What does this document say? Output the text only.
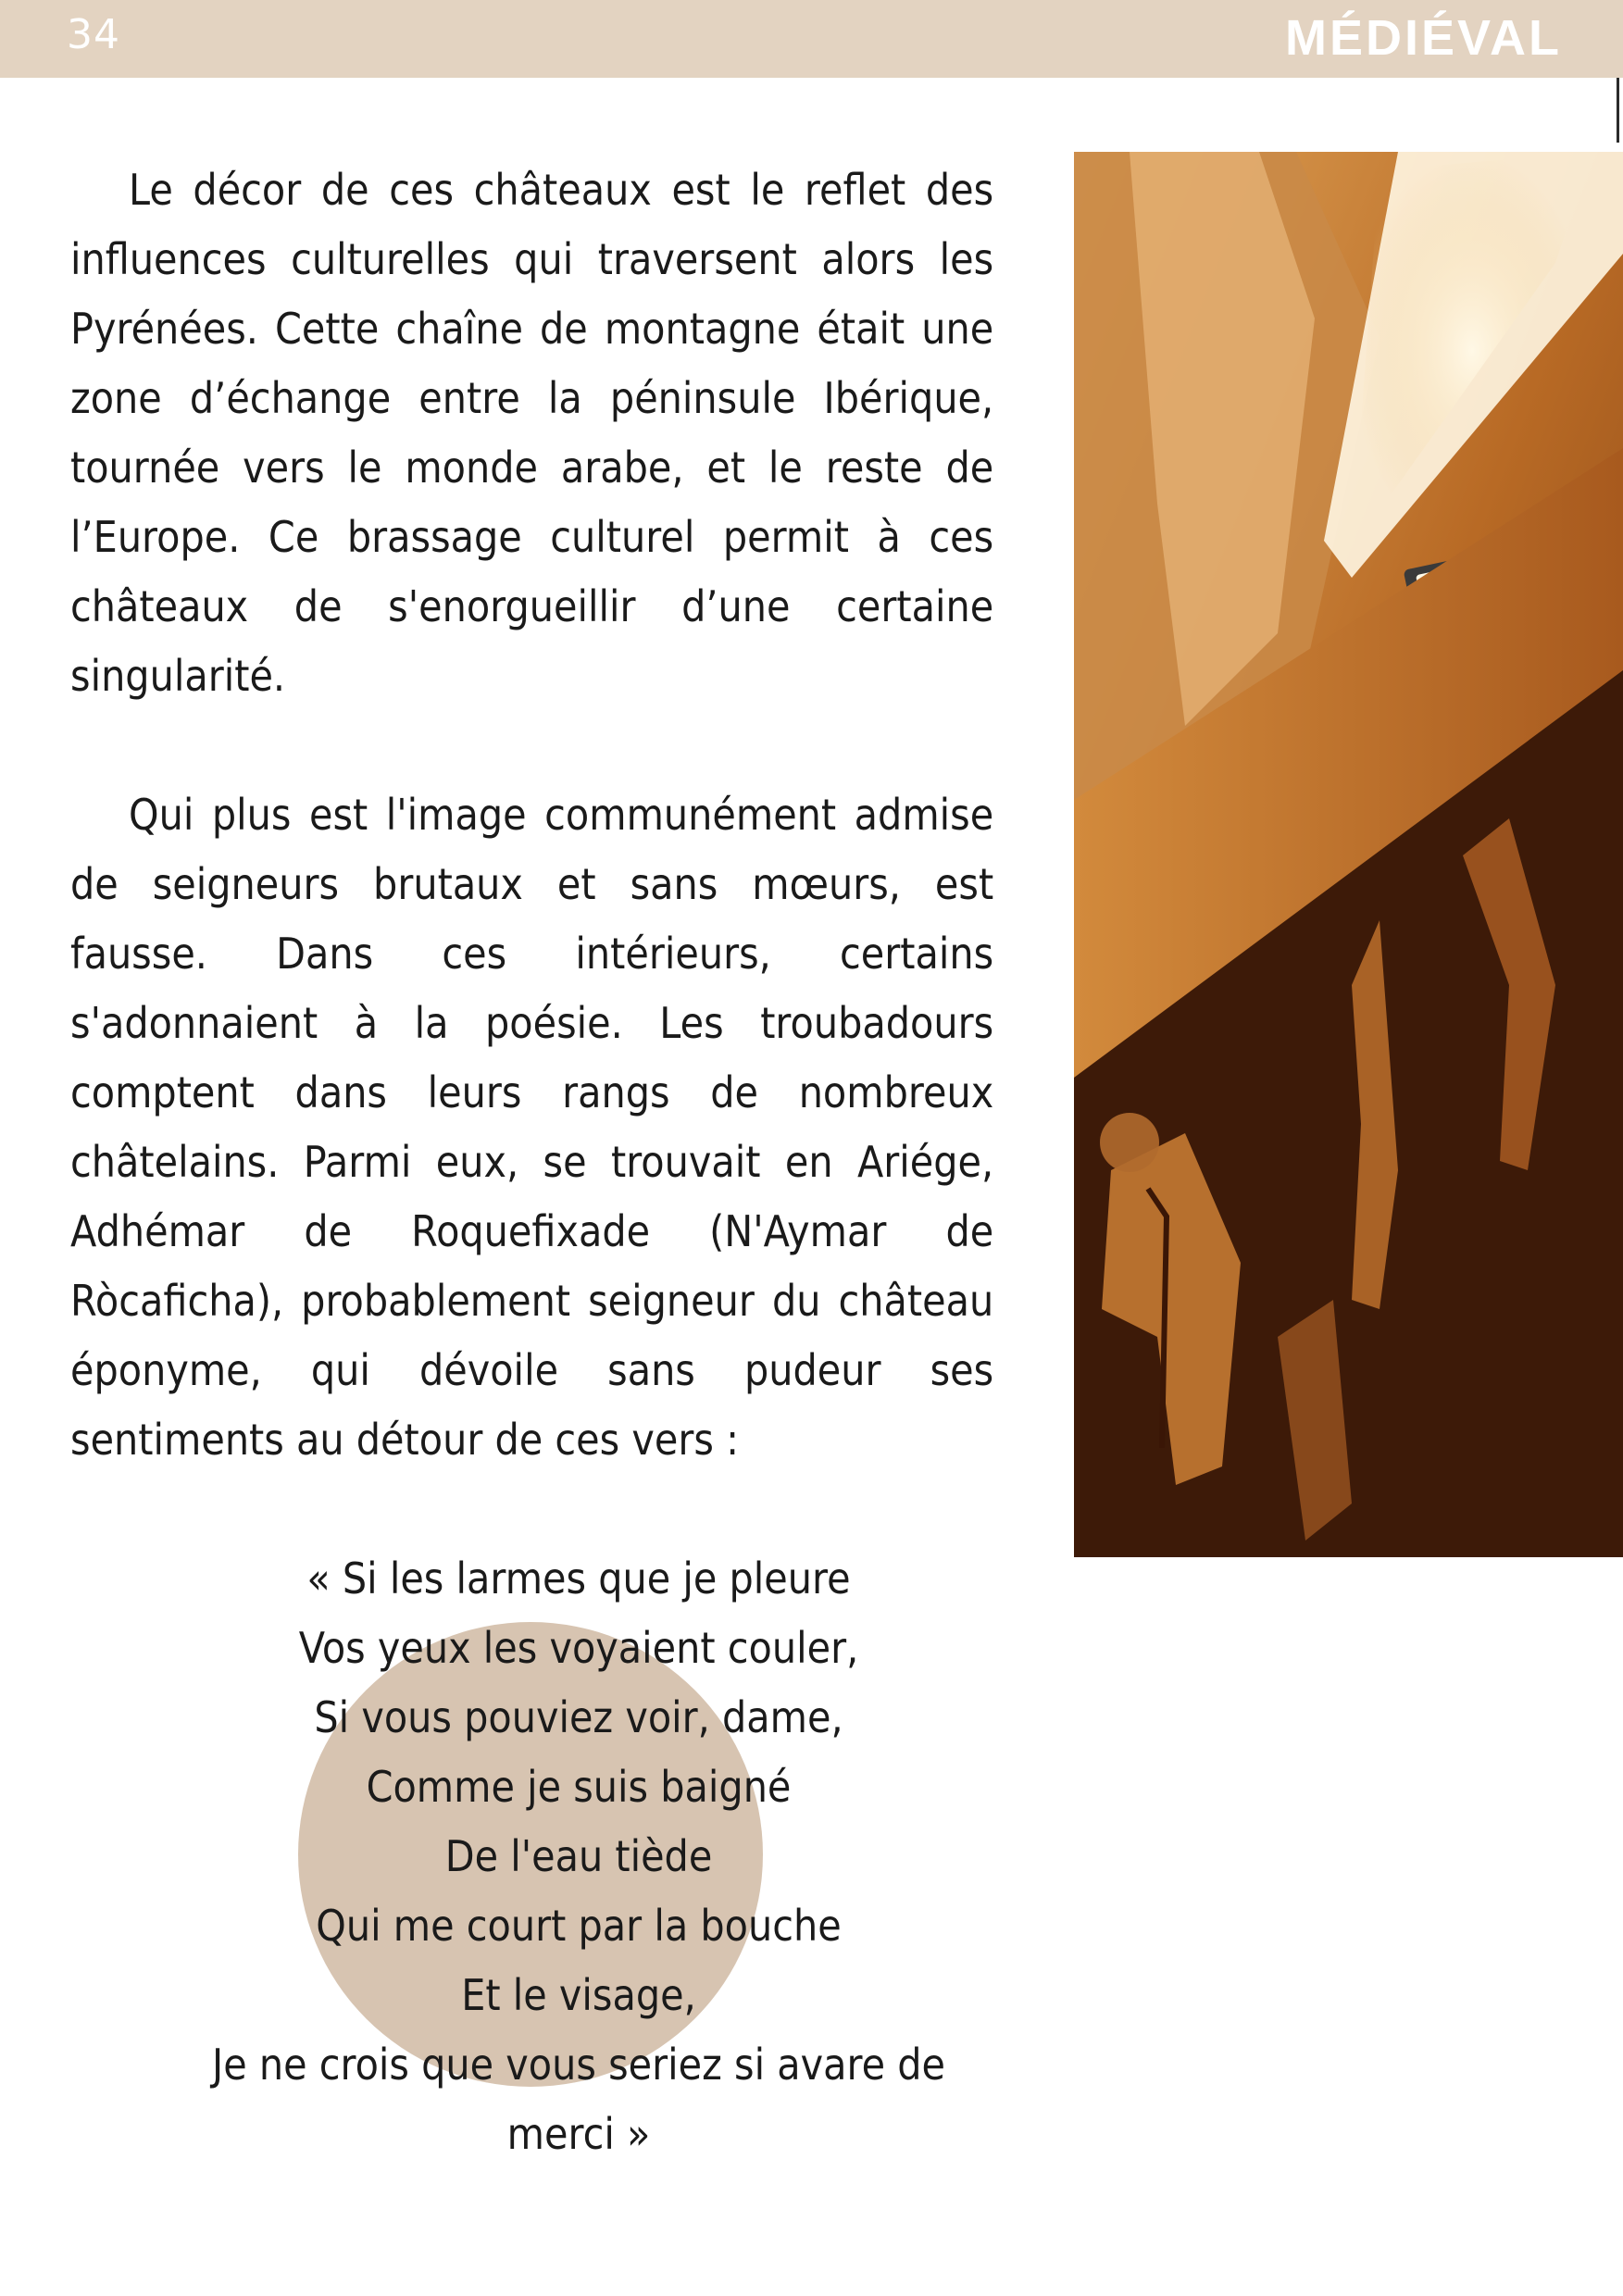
34	MÉDIÉVAL

Le décor de ces châteaux est le reflet des influences culturelles qui traversent alors les Pyrénées. Cette chaîne de montagne était une zone d’échange entre la péninsule Ibérique, tournée vers le monde arabe, et le reste de l’Europe. Ce brassage culturel permit à ces châteaux de s'enorgueillir d’une certaine singularité.

Qui plus est l'image communément admise de seigneurs brutaux et sans mœurs, est fausse. Dans ces intérieurs, certains s'adonnaient à la poésie. Les troubadours comptent dans leurs rangs de nombreux châtelains. Parmi eux, se trouvait en Ariége, Adhémar de Roquefixade (N'Aymar de Ròcaficha), probablement seigneur du château éponyme, qui dévoile sans pudeur ses sentiments au détour de ces vers :

« Si les larmes que je pleure
Vos yeux les voyaient couler,
Si vous pouviez voir, dame,
Comme je suis baigné
De l'eau tiède
Qui me court par la bouche
Et le visage,
Je ne crois que vous seriez si avare de
merci »
